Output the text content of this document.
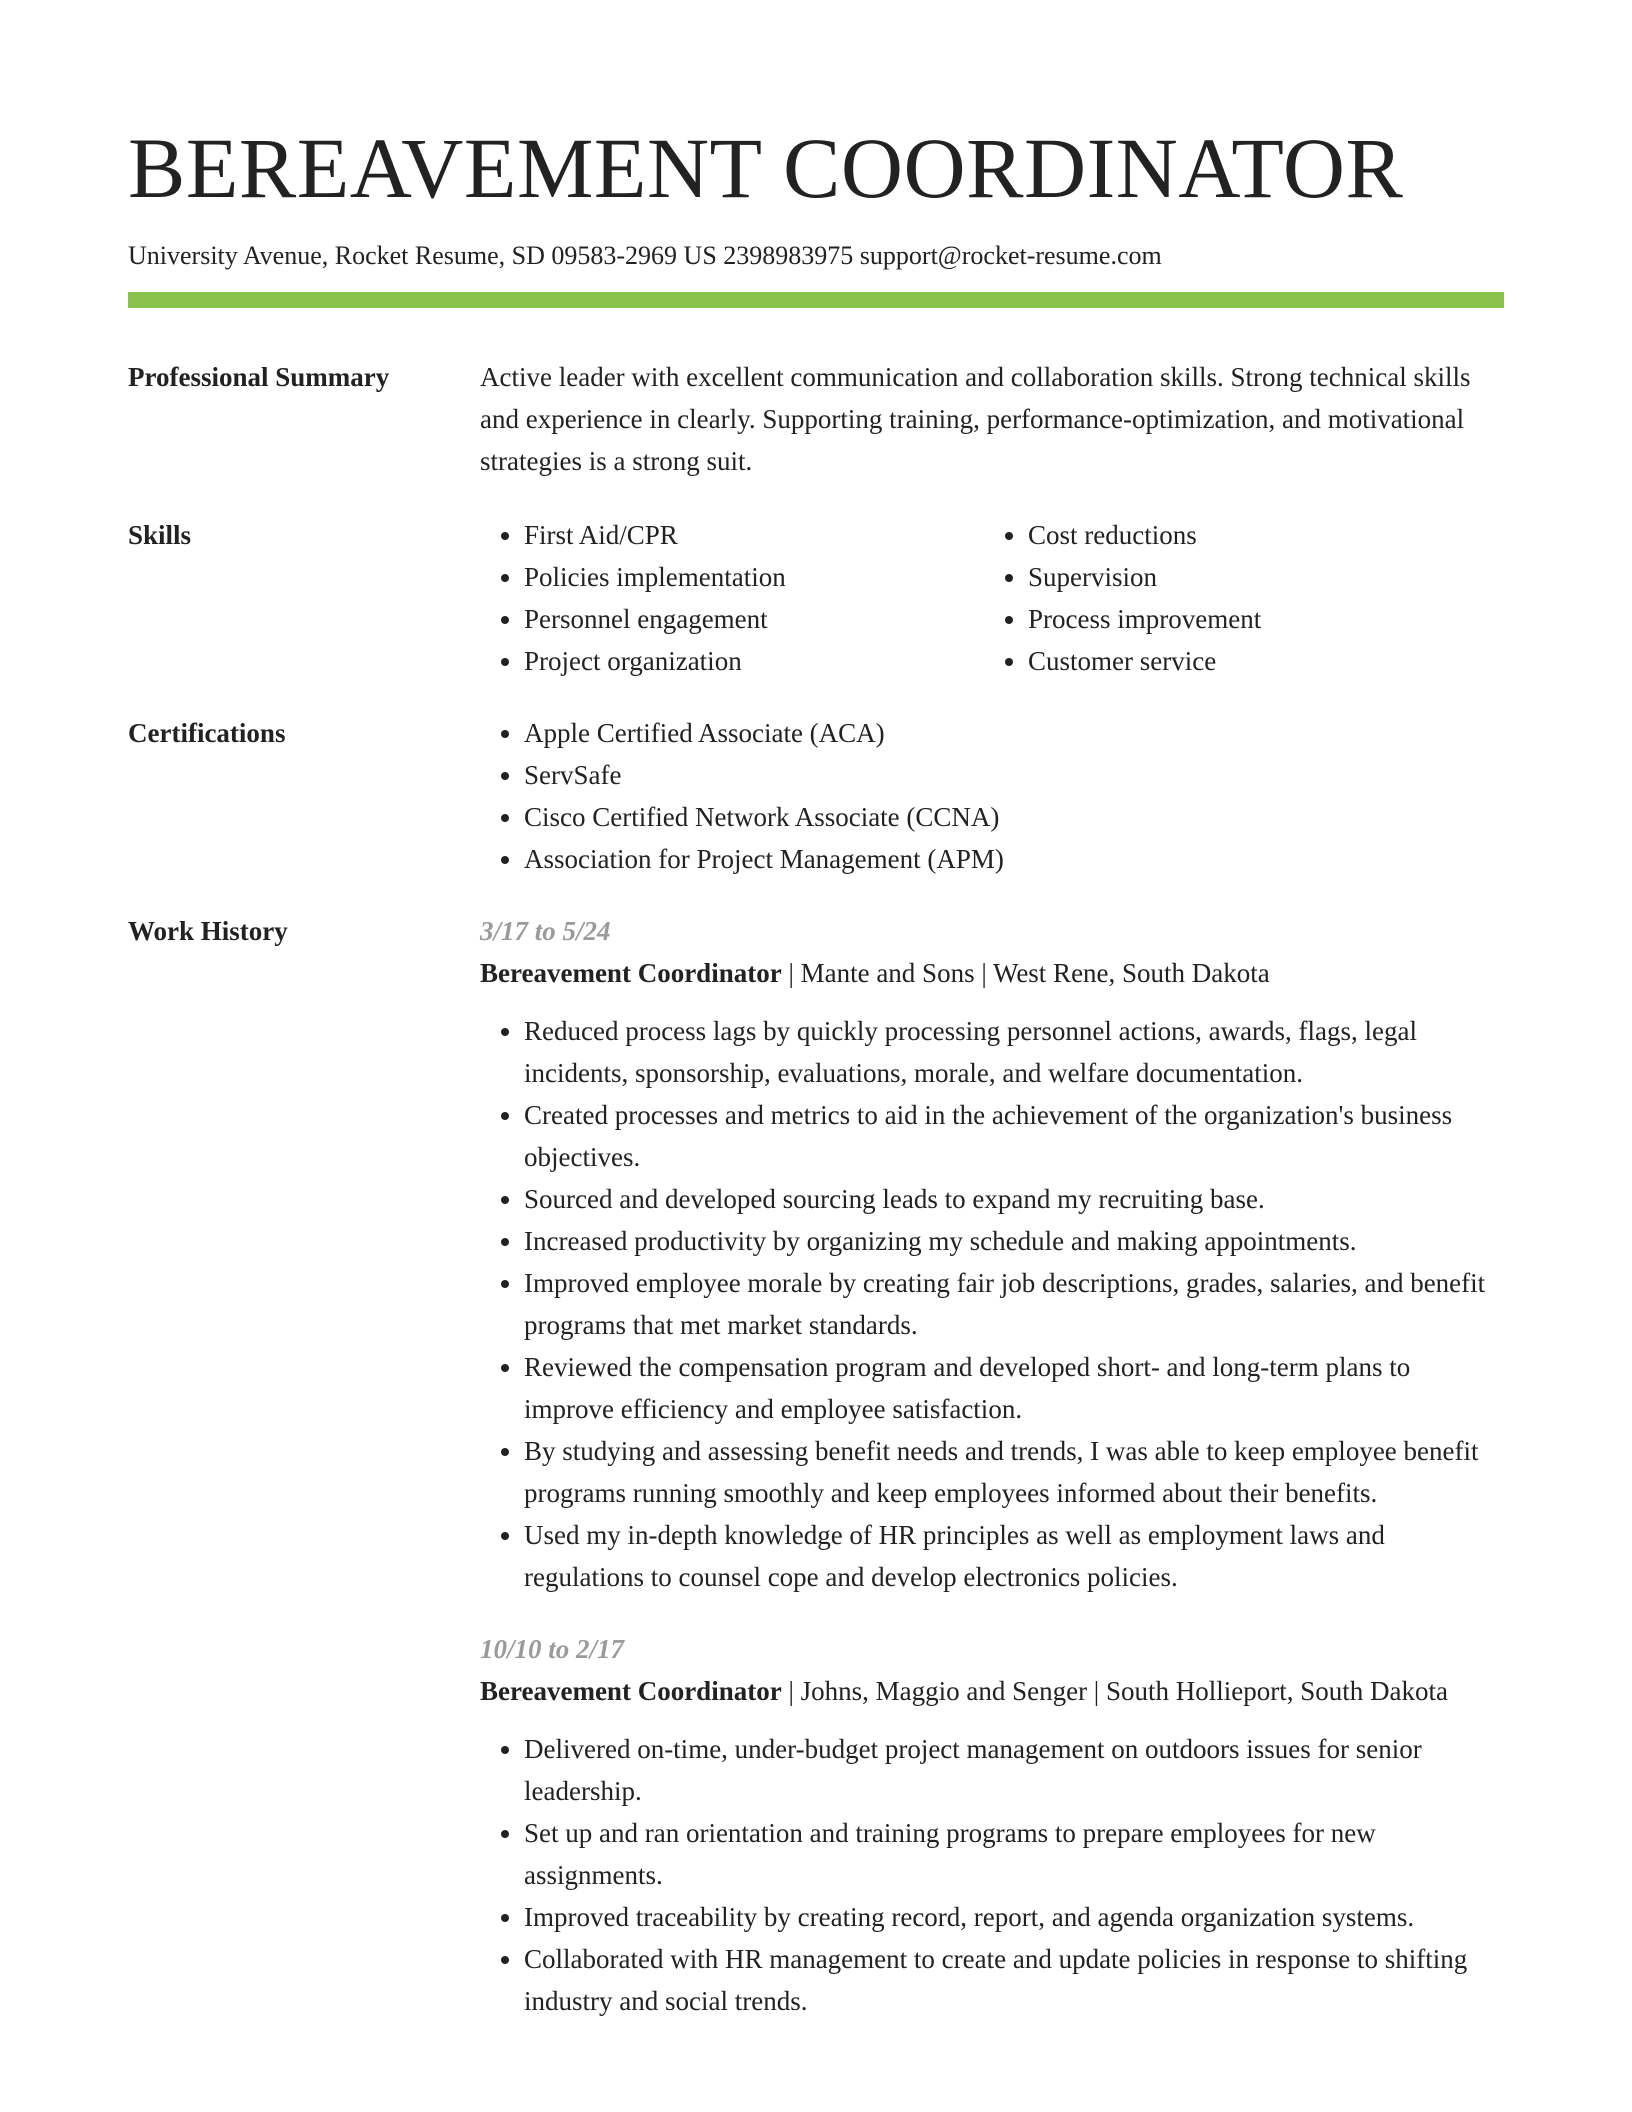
BEREAVEMENT COORDINATOR
University Avenue, Rocket Resume, SD 09583-2969 US 2398983975 support@rocket-resume.com
Professional Summary	Active leader with excellent communication and collaboration skills. Strong technical skills and experience in clearly. Supporting training, performance-optimization, and motivational strategies is a strong suit.

Skills	• First Aid/CPR
• Policies implementation
• Personnel engagement
• Project organization
• Cost reductions
• Supervision
• Process improvement
• Customer service
Certifications	• Apple Certified Associate (ACA)
• ServSafe
• Cisco Certified Network Associate (CCNA)
• Association for Project Management (APM)
Work History	3/17 to 5/24
Bereavement Coordinator | Mante and Sons | West Rene, South Dakota
• Reduced process lags by quickly processing personnel actions, awards, flags, legal incidents, sponsorship, evaluations, morale, and welfare documentation.
• Created processes and metrics to aid in the achievement of the organization's business objectives.
• Sourced and developed sourcing leads to expand my recruiting base.
• Increased productivity by organizing my schedule and making appointments.
• Improved employee morale by creating fair job descriptions, grades, salaries, and benefit programs that met market standards.
• Reviewed the compensation program and developed short- and long-term plans to improve efficiency and employee satisfaction.
• By studying and assessing benefit needs and trends, I was able to keep employee benefit programs running smoothly and keep employees informed about their benefits.
• Used my in-depth knowledge of HR principles as well as employment laws and regulations to counsel cope and develop electronics policies.
10/10 to 2/17
Bereavement Coordinator | Johns, Maggio and Senger | South Hollieport, South Dakota
• Delivered on-time, under-budget project management on outdoors issues for senior leadership.
• Set up and ran orientation and training programs to prepare employees for new assignments.
• Improved traceability by creating record, report, and agenda organization systems.
• Collaborated with HR management to create and update policies in response to shifting industry and social trends.
